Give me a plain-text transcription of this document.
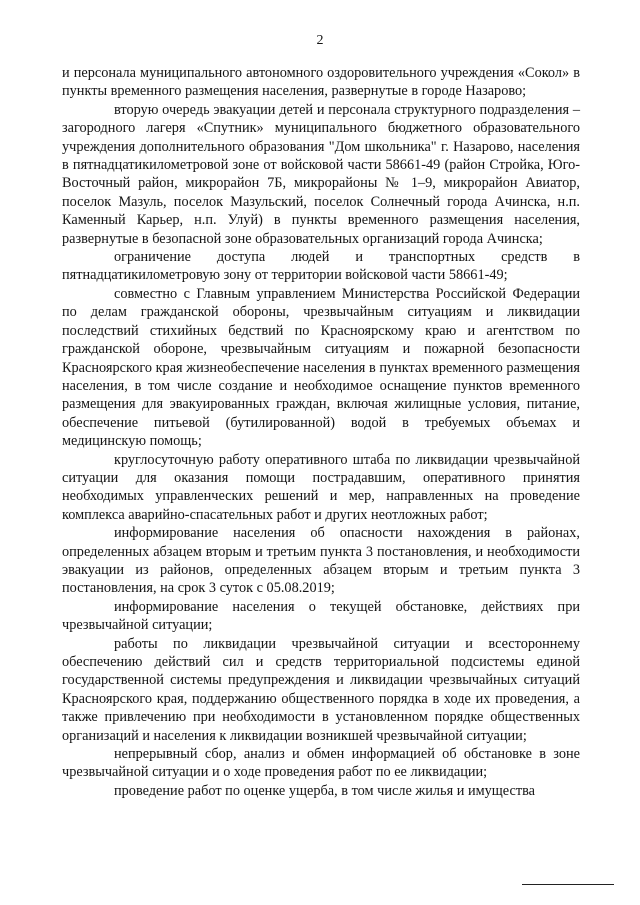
2

и персонала муниципального автономного оздоровительного учреждения «Сокол» в пункты временного размещения населения, развернутые в городе Назарово;

вторую очередь эвакуации детей и персонала структурного подразделения – загородного лагеря «Спутник» муниципального бюджетного образовательного учреждения дополнительного образования "Дом школьника" г. Назарово, населения в пятнадцатикилометровой зоне от войсковой части 58661-49 (район Стройка, Юго-Восточный район, микрорайон 7Б, микрорайоны № 1–9, микрорайон Авиатор, поселок Мазуль, поселок Мазульский, поселок Солнечный города Ачинска, н.п. Каменный Карьер, н.п. Улуй) в пункты временного размещения населения, развернутые в безопасной зоне образовательных организаций города Ачинска;

ограничение доступа людей и транспортных средств в пятнадцатикилометровую зону от территории войсковой части 58661-49;

совместно с Главным управлением Министерства Российской Федерации по делам гражданской обороны, чрезвычайным ситуациям и ликвидации последствий стихийных бедствий по Красноярскому краю и агентством по гражданской обороне, чрезвычайным ситуациям и пожарной безопасности Красноярского края жизнеобеспечение населения в пунктах временного размещения населения, в том числе создание и необходимое оснащение пунктов временного размещения для эвакуированных граждан, включая жилищные условия, питание, обеспечение питьевой (бутилированной) водой в требуемых объемах и медицинскую помощь;

круглосуточную работу оперативного штаба по ликвидации чрезвычайной ситуации для оказания помощи пострадавшим, оперативного принятия необходимых управленческих решений и мер, направленных на проведение комплекса аварийно-спасательных работ и других неотложных работ;

информирование населения об опасности нахождения в районах, определенных абзацем вторым и третьим пункта 3 постановления, и необходимости эвакуации из районов, определенных абзацем вторым и третьим пункта 3 постановления, на срок 3 суток с 05.08.2019;

информирование населения о текущей обстановке, действиях при чрезвычайной ситуации;

работы по ликвидации чрезвычайной ситуации и всестороннему обеспечению действий сил и средств территориальной подсистемы единой государственной системы предупреждения и ликвидации чрезвычайных ситуаций Красноярского края, поддержанию общественного порядка в ходе их проведения, а также привлечению при необходимости в установленном порядке общественных организаций и населения к ликвидации возникшей чрезвычайной ситуации;

непрерывный сбор, анализ и обмен информацией об обстановке в зоне чрезвычайной ситуации и о ходе проведения работ по ее ликвидации;

проведение работ по оценке ущерба, в том числе жилья и имущества
